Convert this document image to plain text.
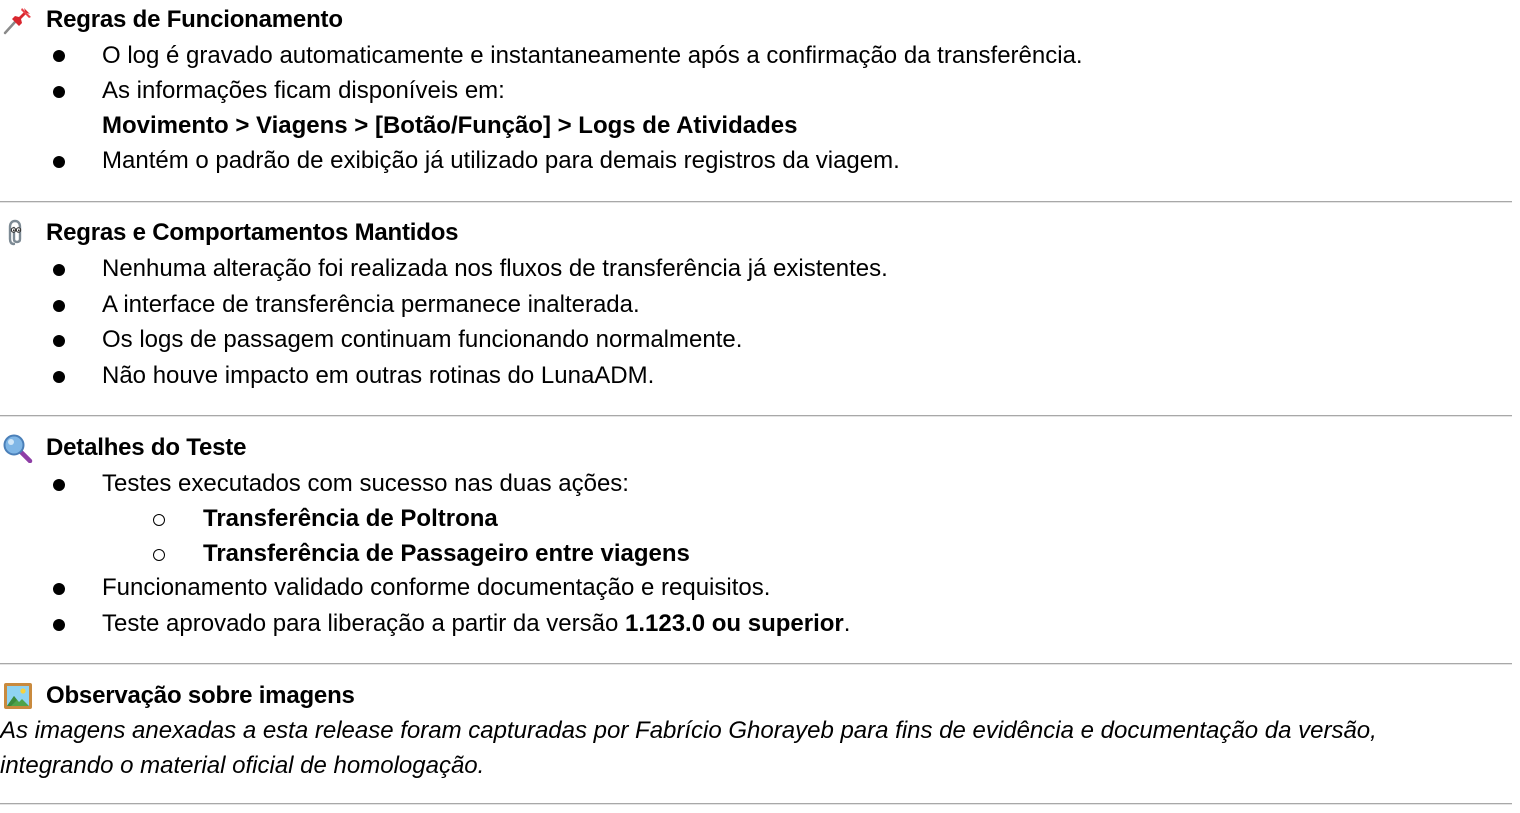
Regras de Funcionamento
O log é gravado automaticamente e instantaneamente após a confirmação da transferência.
As informações ficam disponíveis em:
Movimento > Viagens > [Botão/Função] > Logs de Atividades
Mantém o padrão de exibição já utilizado para demais registros da viagem.
Regras e Comportamentos Mantidos
Nenhuma alteração foi realizada nos fluxos de transferência já existentes.
A interface de transferência permanece inalterada.
Os logs de passagem continuam funcionando normalmente.
Não houve impacto em outras rotinas do LunaADM.
Detalhes do Teste
Testes executados com sucesso nas duas ações:
Transferência de Poltrona
Transferência de Passageiro entre viagens
Funcionamento validado conforme documentação e requisitos.
Teste aprovado para liberação a partir da versão 1.123.0 ou superior.
Observação sobre imagens
As imagens anexadas a esta release foram capturadas por Fabrício Ghorayeb para fins de evidência e documentação da versão,
integrando o material oficial de homologação.
